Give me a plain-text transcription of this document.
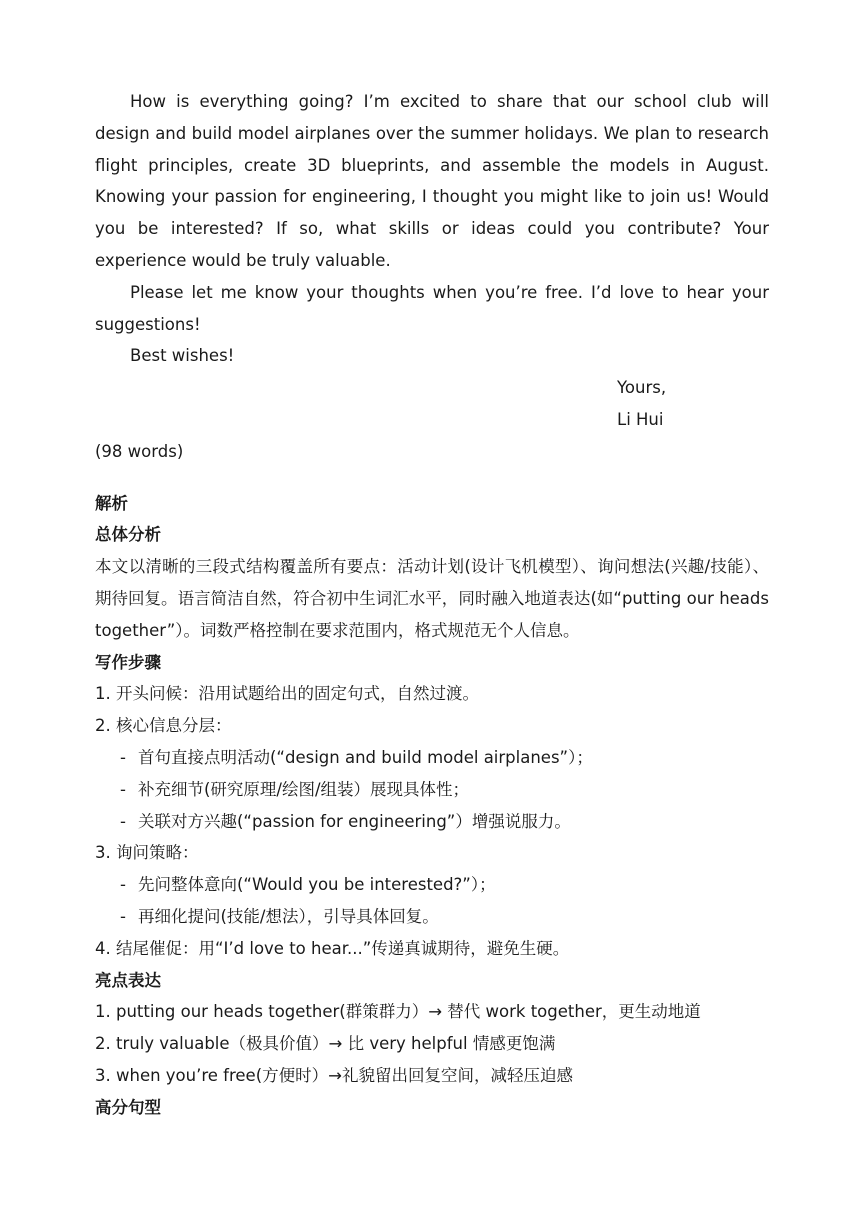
How is everything going? I’m excited to share that our school club will design and build model airplanes over the summer holidays. We plan to research flight principles, create 3D blueprints, and assemble the models in August. Knowing your passion for engineering, I thought you might like to join us! Would you be interested? If so, what skills or ideas could you contribute? Your experience would be truly valuable.

Please let me know your thoughts when you’re free. I’d love to hear your suggestions!

Best wishes!

Yours,

Li Hui

(98 words)

解析

总体分析

本文以清晰的三段式结构覆盖所有要点：活动计划(设计飞机模型）、询问想法(兴趣/技能）、期待回复。语言简洁自然，符合初中生词汇水平，同时融入地道表达(如“putting our heads together”）。词数严格控制在要求范围内，格式规范无个人信息。

写作步骤

1. 开头问候：沿用试题给出的固定句式，自然过渡。

2. 核心信息分层：

- 首句直接点明活动(“design and build model airplanes”）；

- 补充细节(研究原理/绘图/组装）展现具体性；

- 关联对方兴趣(“passion for engineering”）增强说服力。

3. 询问策略：

- 先问整体意向(“Would you be interested?”）；

- 再细化提问(技能/想法），引导具体回复。

4. 结尾催促：用“I’d love to hear...”传递真诚期待，避免生硬。

亮点表达

1. putting our heads together(群策群力）→ 替代 work together，更生动地道

2. truly valuable（极具价值）→ 比 very helpful 情感更饱满

3. when you’re free(方便时）→礼貌留出回复空间，减轻压迫感

高分句型
